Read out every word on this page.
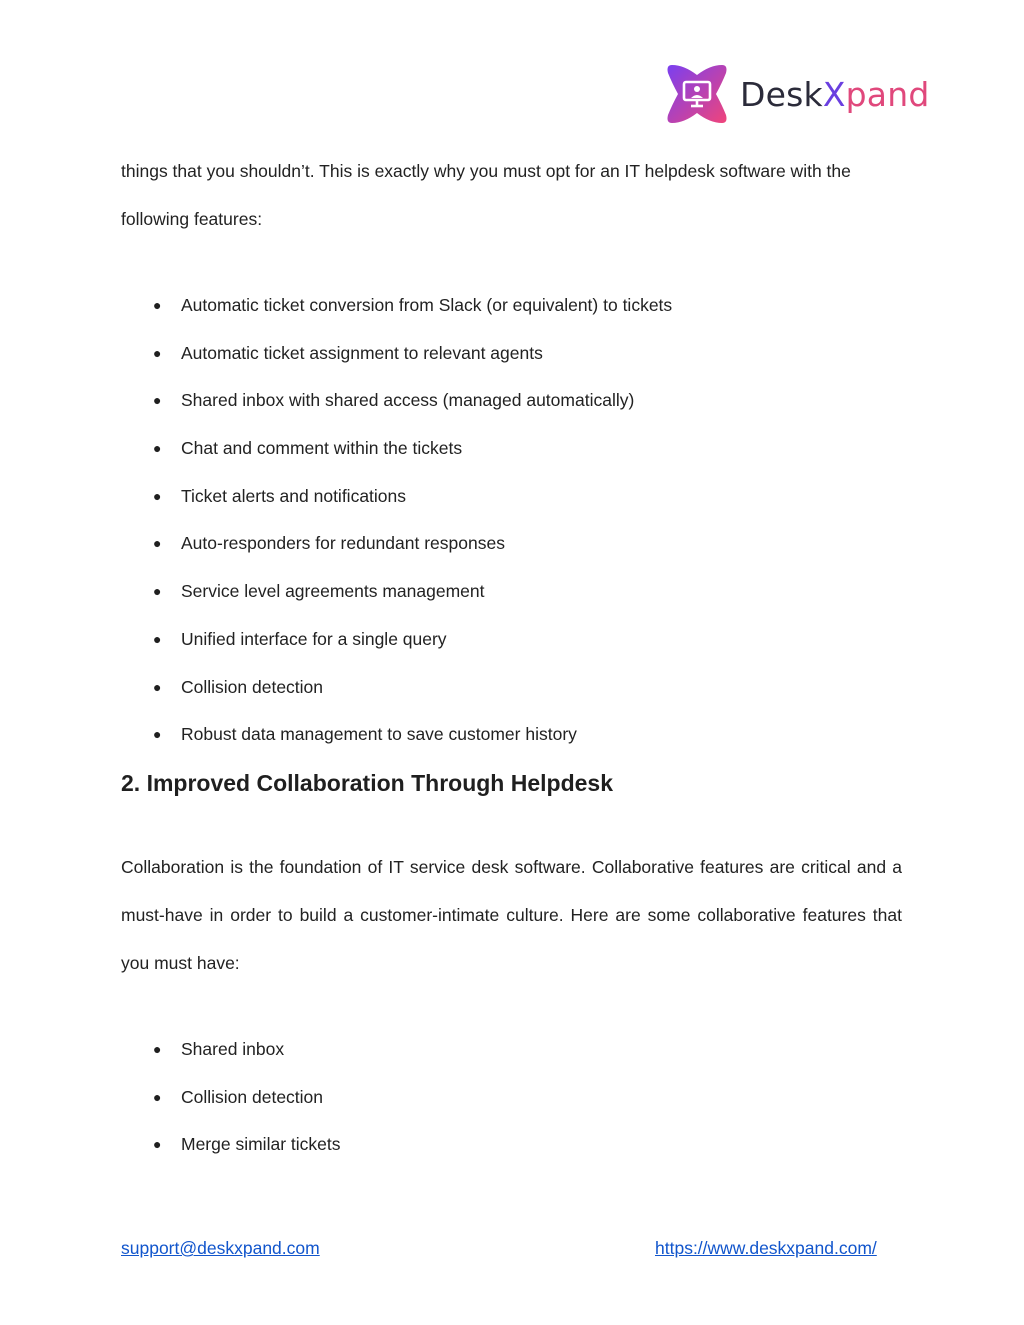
DeskXpand

things that you shouldn’t. This is exactly why you must opt for an IT helpdesk software with the
following features:

● Automatic ticket conversion from Slack (or equivalent) to tickets
● Automatic ticket assignment to relevant agents
● Shared inbox with shared access (managed automatically)
● Chat and comment within the tickets
● Ticket alerts and notifications
● Auto-responders for redundant responses
● Service level agreements management
● Unified interface for a single query
● Collision detection
● Robust data management to save customer history
2. Improved Collaboration Through Helpdesk

Collaboration is the foundation of IT service desk software. Collaborative features are critical and a must-have in order to build a customer-intimate culture. Here are some collaborative features that you must have:

● Shared inbox
● Collision detection
● Merge similar tickets
support@deskxpand.com	https://www.deskxpand.com/
